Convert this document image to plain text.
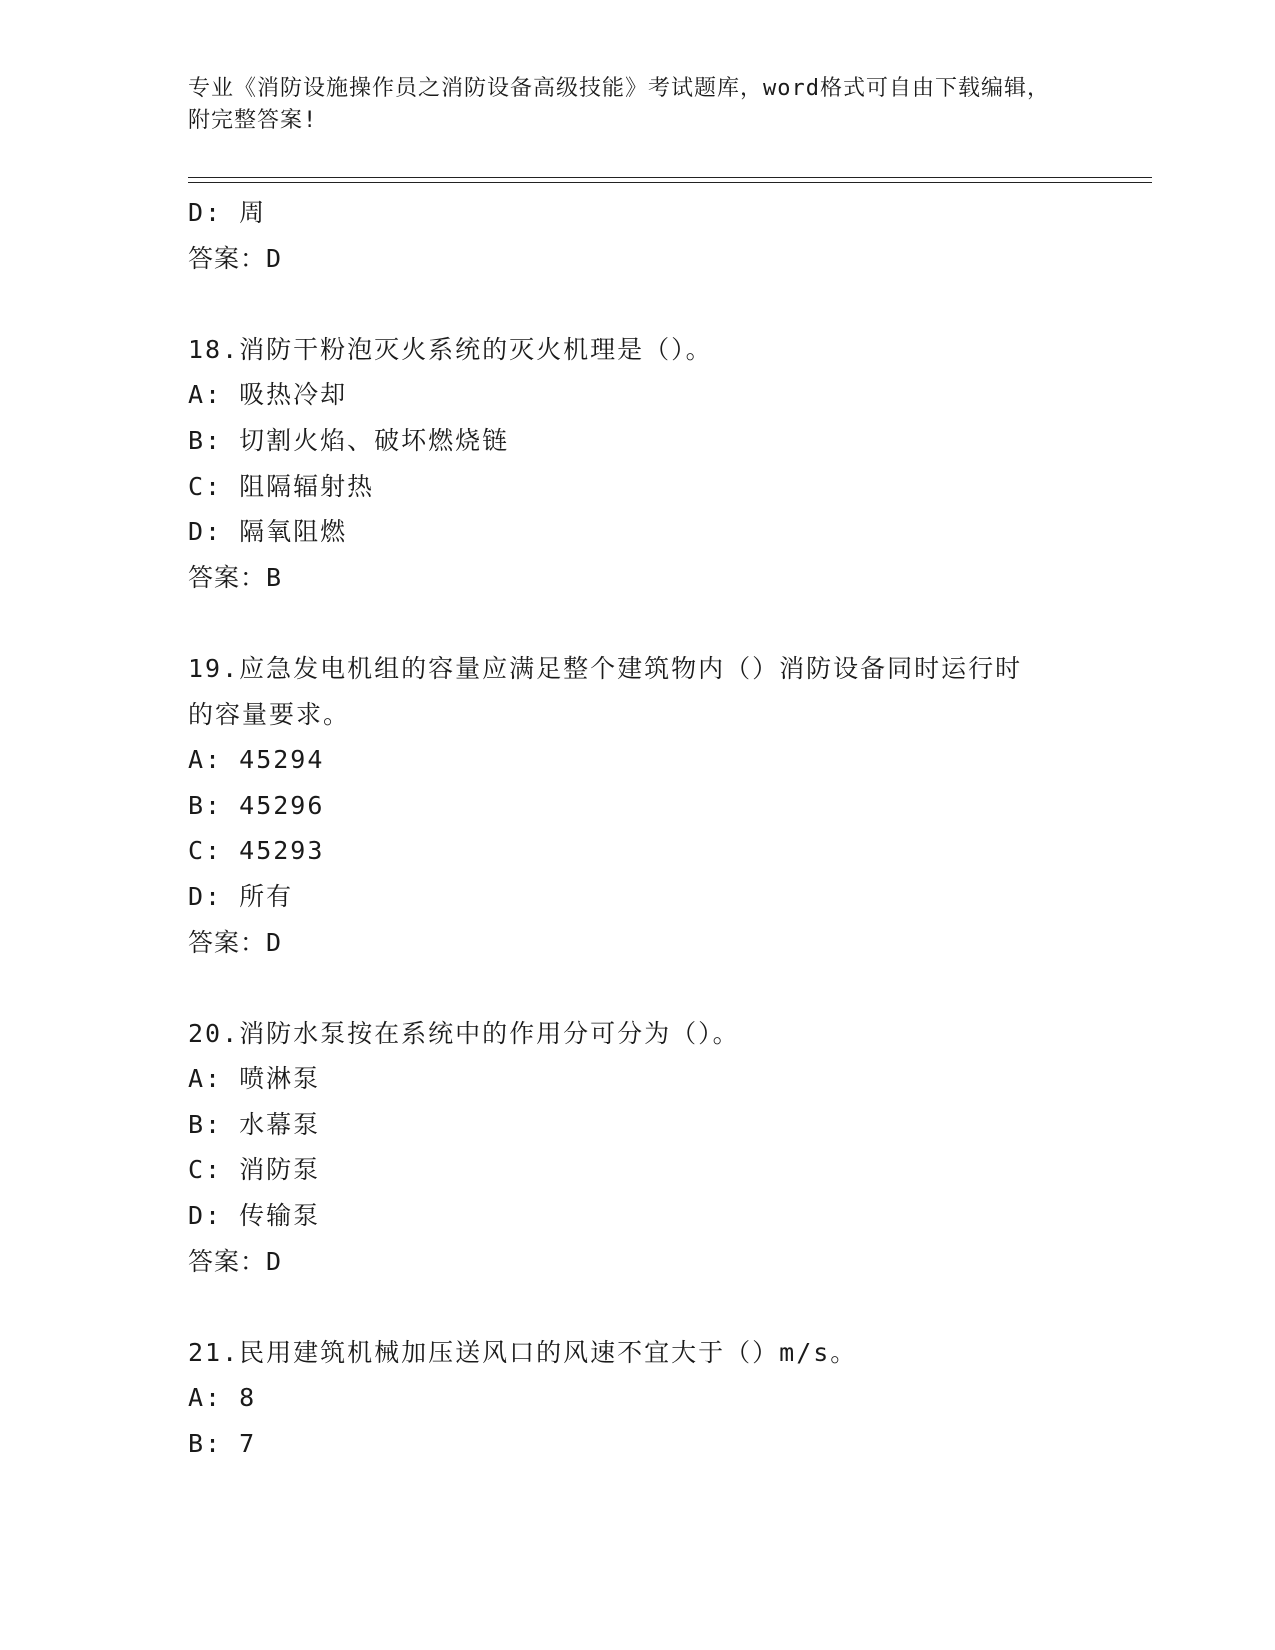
专业《消防设施操作员之消防设备高级技能》考试题库，word格式可自由下载编辑，附完整答案!
D: 周
答案：D
18.消防干粉泡灭火系统的灭火机理是（）。
A: 吸热冷却
B: 切割火焰、破坏燃烧链
C: 阻隔辐射热
D: 隔氧阻燃
答案：B
19.应急发电机组的容量应满足整个建筑物内（）消防设备同时运行时
的容量要求。
A: 45294
B: 45296
C: 45293
D: 所有
答案：D
20.消防水泵按在系统中的作用分可分为（）。
A: 喷淋泵
B: 水幕泵
C: 消防泵
D: 传输泵
答案：D
21.民用建筑机械加压送风口的风速不宜大于（）m/s。
A: 8
B: 7
